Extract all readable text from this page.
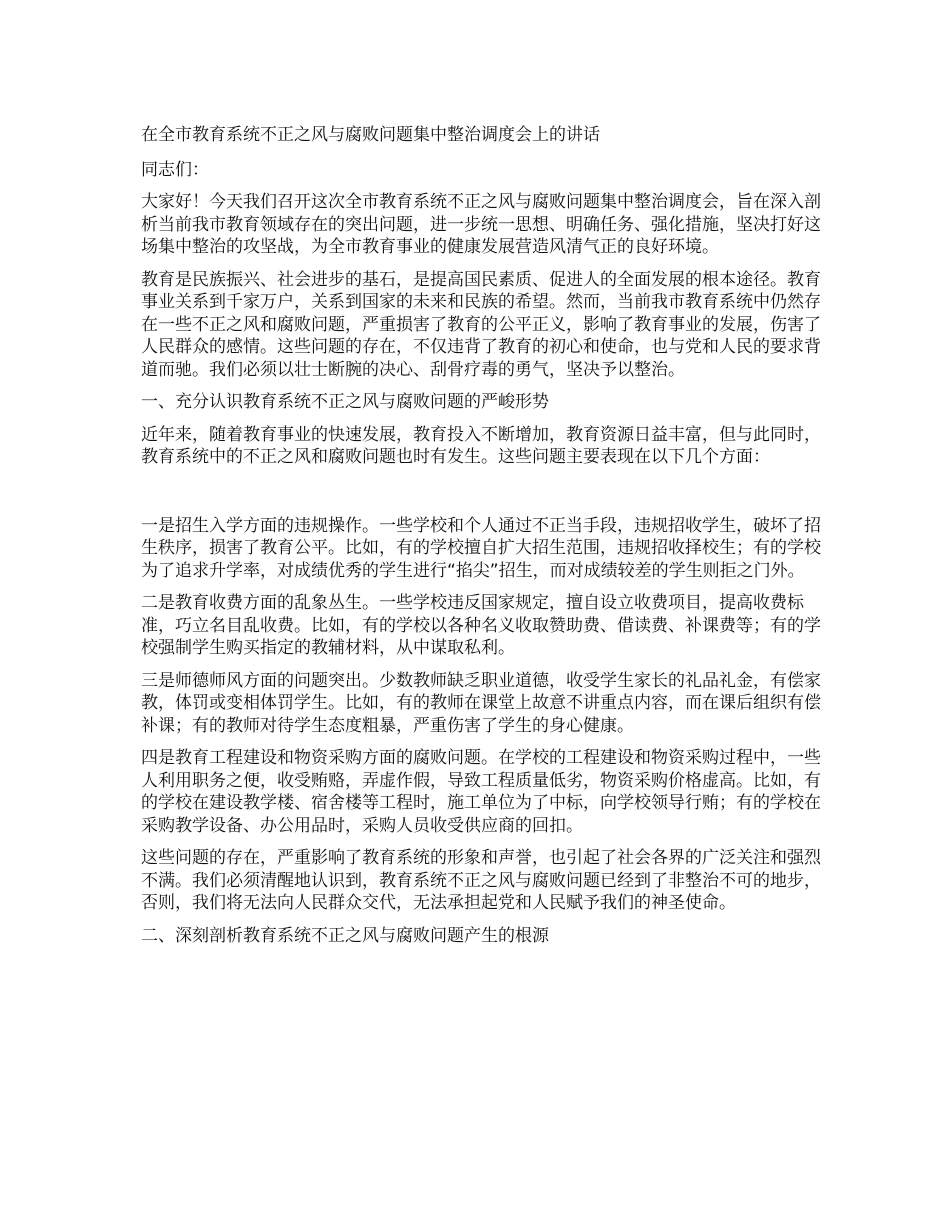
在全市教育系统不正之风与腐败问题集中整治调度会上的讲话

同志们：

大家好！今天我们召开这次全市教育系统不正之风与腐败问题集中整治调度会，旨在深入剖析当前我市教育领域存在的突出问题，进一步统一思想、明确任务、强化措施，坚决打好这场集中整治的攻坚战，为全市教育事业的健康发展营造风清气正的良好环境。

教育是民族振兴、社会进步的基石，是提高国民素质、促进人的全面发展的根本途径。教育事业关系到千家万户，关系到国家的未来和民族的希望。然而，当前我市教育系统中仍然存在一些不正之风和腐败问题，严重损害了教育的公平正义，影响了教育事业的发展，伤害了人民群众的感情。这些问题的存在，不仅违背了教育的初心和使命，也与党和人民的要求背道而驰。我们必须以壮士断腕的决心、刮骨疗毒的勇气，坚决予以整治。

一、充分认识教育系统不正之风与腐败问题的严峻形势

近年来，随着教育事业的快速发展，教育投入不断增加，教育资源日益丰富，但与此同时，教育系统中的不正之风和腐败问题也时有发生。这些问题主要表现在以下几个方面：

一是招生入学方面的违规操作。一些学校和个人通过不正当手段，违规招收学生，破坏了招生秩序，损害了教育公平。比如，有的学校擅自扩大招生范围，违规招收择校生；有的学校为了追求升学率，对成绩优秀的学生进行“掐尖”招生，而对成绩较差的学生则拒之门外。

二是教育收费方面的乱象丛生。一些学校违反国家规定，擅自设立收费项目，提高收费标准，巧立名目乱收费。比如，有的学校以各种名义收取赞助费、借读费、补课费等；有的学校强制学生购买指定的教辅材料，从中谋取私利。

三是师德师风方面的问题突出。少数教师缺乏职业道德，收受学生家长的礼品礼金，有偿家教，体罚或变相体罚学生。比如，有的教师在课堂上故意不讲重点内容，而在课后组织有偿补课；有的教师对待学生态度粗暴，严重伤害了学生的身心健康。

四是教育工程建设和物资采购方面的腐败问题。在学校的工程建设和物资采购过程中，一些人利用职务之便，收受贿赂，弄虚作假，导致工程质量低劣，物资采购价格虚高。比如，有的学校在建设教学楼、宿舍楼等工程时，施工单位为了中标，向学校领导行贿；有的学校在采购教学设备、办公用品时，采购人员收受供应商的回扣。

这些问题的存在，严重影响了教育系统的形象和声誉，也引起了社会各界的广泛关注和强烈不满。我们必须清醒地认识到，教育系统不正之风与腐败问题已经到了非整治不可的地步，否则，我们将无法向人民群众交代，无法承担起党和人民赋予我们的神圣使命。

二、深刻剖析教育系统不正之风与腐败问题产生的根源
